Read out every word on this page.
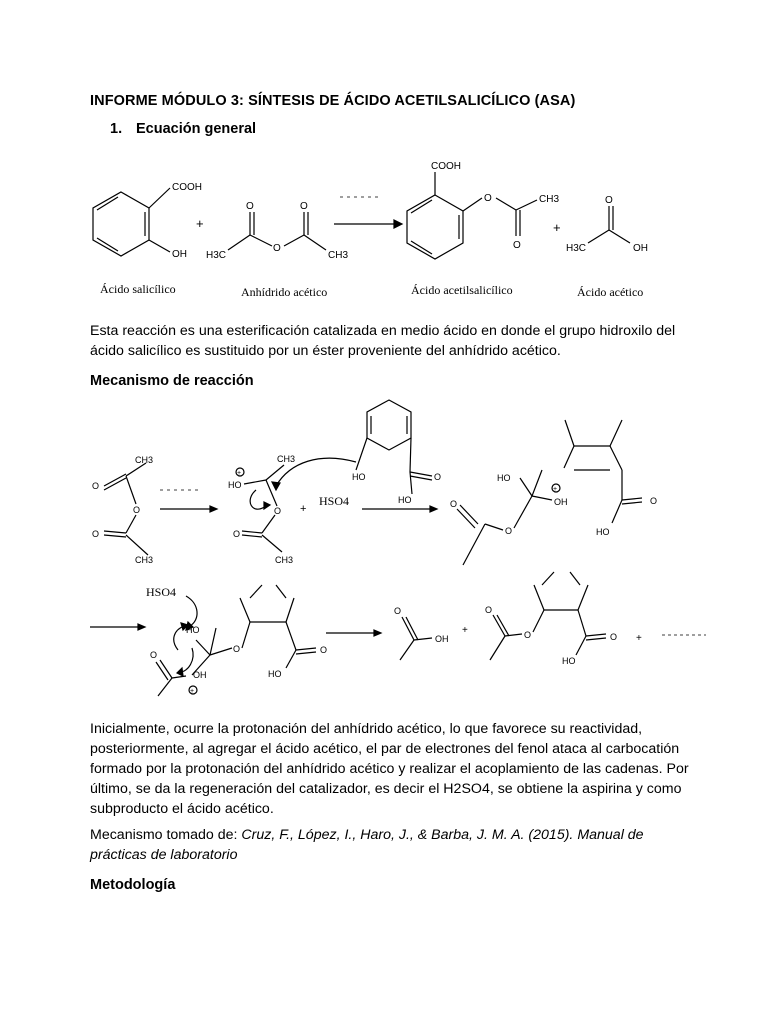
INFORME MÓDULO 3: SÍNTESIS DE ÁCIDO ACETILSALICÍLICO (ASA)
1. Ecuación general
COOH
OH
+
O	O
O
H3C	CH3
COOH
O
O
CH3
+
O
H3C	OH
Ácido salicílico	Anhídrido acético	Ácido acetilsalicílico	Ácido acético
O
O
O
CH3
CH3
+
HO
O
O
CH3
CH3
+
HSO4
HO	O
HO
O
O
HO
OH
+
O
HO
HSO4
HO
OH
O
+
O	O
HO
O
OH
+
O
O	O
HO
+
Esta reacción es una esterificación catalizada en medio ácido en donde el grupo hidroxilo del ácido salicílico es sustituido por un éster proveniente del anhídrido acético.
Mecanismo de reacción
Inicialmente, ocurre la protonación del anhídrido acético, lo que favorece su reactividad, posteriormente, al agregar el ácido acético, el par de electrones del fenol ataca al carbocatión formado por la protonación del anhídrido acético y realizar el acoplamiento de las cadenas. Por último, se da la regeneración del catalizador, es decir el H2SO4, se obtiene la aspirina y como subproducto el ácido acético.
Mecanismo tomado de: Cruz, F., López, I., Haro, J., & Barba, J. M. A. (2015). Manual de prácticas de laboratorio
Metodología
